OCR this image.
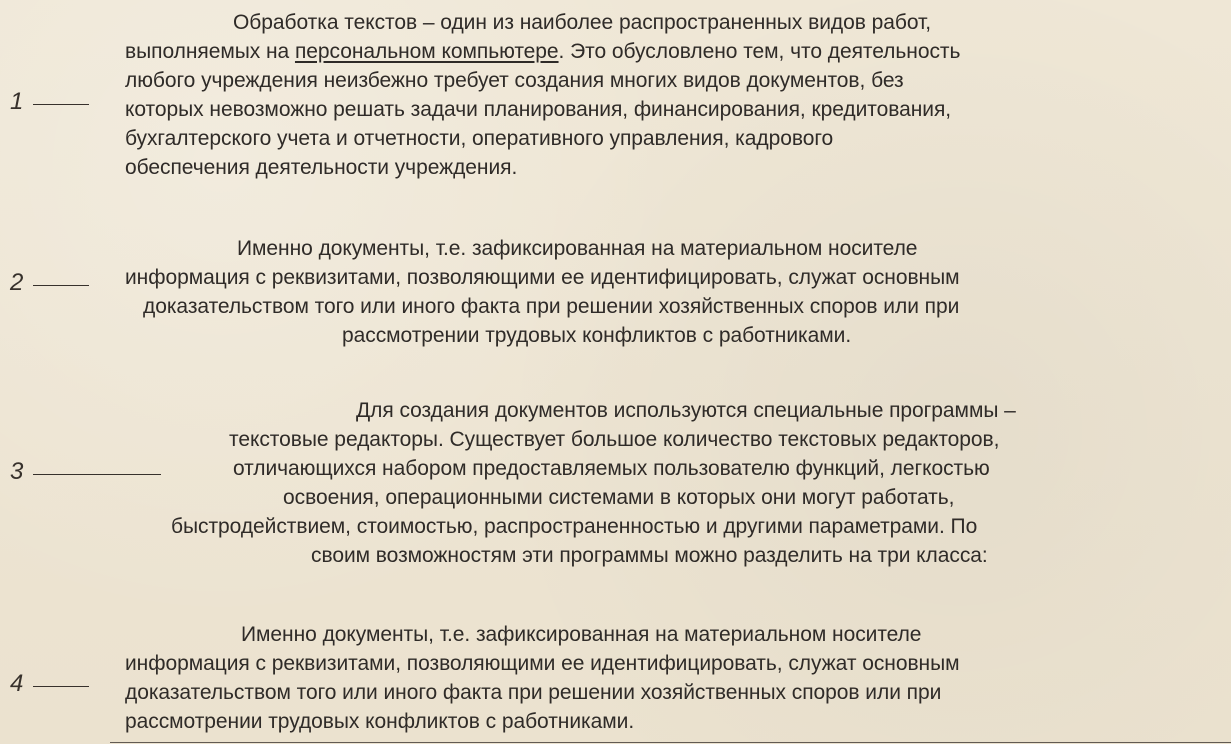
1
2
3
4
Обработка текстов – один из наиболее распространенных видов работ,
выполняемых на персональном компьютере. Это обусловлено тем, что деятельность
любого учреждения неизбежно требует создания многих видов документов, без
которых невозможно решать задачи планирования, финансирования, кредитования,
бухгалтерского учета и отчетности, оперативного управления, кадрового
обеспечения деятельности учреждения.
Именно документы, т.е. зафиксированная на материальном носителе
информация с реквизитами, позволяющими ее идентифицировать, служат основным
доказательством того или иного факта при решении хозяйственных споров или при
рассмотрении трудовых конфликтов с работниками.
Для создания документов используются специальные программы –
текстовые редакторы. Существует большое количество текстовых редакторов,
отличающихся набором предоставляемых пользователю функций, легкостью
освоения, операционными системами в которых они могут работать,
быстродействием, стоимостью, распространенностью и другими параметрами. По
своим возможностям эти программы можно разделить на три класса:
Именно документы, т.е. зафиксированная на материальном носителе
информация с реквизитами, позволяющими ее идентифицировать, служат основным
доказательством того или иного факта при решении хозяйственных споров или при
рассмотрении трудовых конфликтов с работниками.
